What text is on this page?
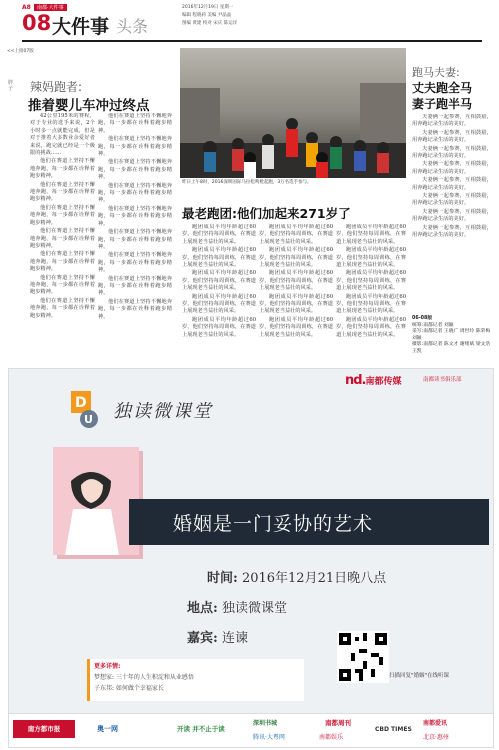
A8	南都·大件事
08 大件事 头条
2016年12月19日 星期一
编辑 程晓莉 美编 尹晶晶
图编 黄建 校对 宋庆 陈运洋
<<上接07版
胖子 辣妈跑者:
推着婴儿车冲过终点

42公里195米的赛程，对于专业的选手来说，2个小时多一点就能完成，但是对于推着大多数业余爱好者来说，跑完就已经是一个极限的挑战……

他们在赛道上坚持不懈地奔跑，每一步都在诠释着跑步精神。

他们在赛道上坚持不懈地奔跑，每一步都在诠释着跑步精神。

他们在赛道上坚持不懈地奔跑，每一步都在诠释着跑步精神。

他们在赛道上坚持不懈地奔跑，每一步都在诠释着跑步精神。

他们在赛道上坚持不懈地奔跑，每一步都在诠释着跑步精神。

他们在赛道上坚持不懈地奔跑，每一步都在诠释着跑步精神。

他们在赛道上坚持不懈地奔跑，每一步都在诠释着跑步精神。

他们在赛道上坚持不懈地奔跑，每一步都在诠释着跑步精神。

他们在赛道上坚持不懈地奔跑，每一步都在诠释着跑步精神。

他们在赛道上坚持不懈地奔跑，每一步都在诠释着跑步精神。

他们在赛道上坚持不懈地奔跑，每一步都在诠释着跑步精神。

他们在赛道上坚持不懈地奔跑，每一步都在诠释着跑步精神。

他们在赛道上坚持不懈地奔跑，每一步都在诠释着跑步精神。

他们在赛道上坚持不懈地奔跑，每一步都在诠释着跑步精神。

他们在赛道上坚持不懈地奔跑，每一步都在诠释着跑步精神。

他们在赛道上坚持不懈地奔跑，每一步都在诠释着跑步精神。

昨日上午8时，2016深圳国际马拉松鸣枪起跑，3万名选手参与。
最老跑团:他们加起来271岁了

跑团成员平均年龄超过60岁，他们坚持每周训练，在赛道上展现老当益壮的风采。

跑团成员平均年龄超过60岁，他们坚持每周训练，在赛道上展现老当益壮的风采。

跑团成员平均年龄超过60岁，他们坚持每周训练，在赛道上展现老当益壮的风采。

跑团成员平均年龄超过60岁，他们坚持每周训练，在赛道上展现老当益壮的风采。

跑团成员平均年龄超过60岁，他们坚持每周训练，在赛道上展现老当益壮的风采。

跑团成员平均年龄超过60岁，他们坚持每周训练，在赛道上展现老当益壮的风采。

跑团成员平均年龄超过60岁，他们坚持每周训练，在赛道上展现老当益壮的风采。

跑团成员平均年龄超过60岁，他们坚持每周训练，在赛道上展现老当益壮的风采。

跑团成员平均年龄超过60岁，他们坚持每周训练，在赛道上展现老当益壮的风采。

跑团成员平均年龄超过60岁，他们坚持每周训练，在赛道上展现老当益壮的风采。

跑团成员平均年龄超过60岁，他们坚持每周训练，在赛道上展现老当益壮的风采。

跑团成员平均年龄超过60岁，他们坚持每周训练，在赛道上展现老当益壮的风采。

跑团成员平均年龄超过60岁，他们坚持每周训练，在赛道上展现老当益壮的风采。

跑团成员平均年龄超过60岁，他们坚持每周训练，在赛道上展现老当益壮的风采。

跑团成员平均年龄超过60岁，他们坚持每周训练，在赛道上展现老当益壮的风采。

跑马夫妻:
丈夫跑全马
妻子跑半马

夫妻俩一起参赛，互相鼓励，用奔跑记录生活的美好。

夫妻俩一起参赛，互相鼓励，用奔跑记录生活的美好。

夫妻俩一起参赛，互相鼓励，用奔跑记录生活的美好。

夫妻俩一起参赛，互相鼓励，用奔跑记录生活的美好。

夫妻俩一起参赛，互相鼓励，用奔跑记录生活的美好。

夫妻俩一起参赛，互相鼓励，用奔跑记录生活的美好。

夫妻俩一起参赛，互相鼓励，用奔跑记录生活的美好。

夫妻俩一起参赛，互相鼓励，用奔跑记录生活的美好。

06-08版
统筹:南都记者 刘颖
采写:南都记者 王晓广 周世玲 陈荣梅 刘颖
摄影:南都记者 陈文才 谢绪斌 梁文浩 王凯
nd.南都传媒	南都读书俱乐部
D
U 独读微课堂
婚姻是一门妥协的艺术
时间: 2016年12月21日晚八点
地点: 独读微课堂
嘉宾: 连谏
更多详情:
梦想家: 三十年的人生积淀和从业感悟
子东邦: 如何做个幸福家长
扫描回复"婚姻"在线听课
南方都市报	奥一网	开读 并不止于读
深圳书城
腾讯·大粤网
南都周刊
南都娱乐
CBD TIMES
南都爱讯
北京·惠州
